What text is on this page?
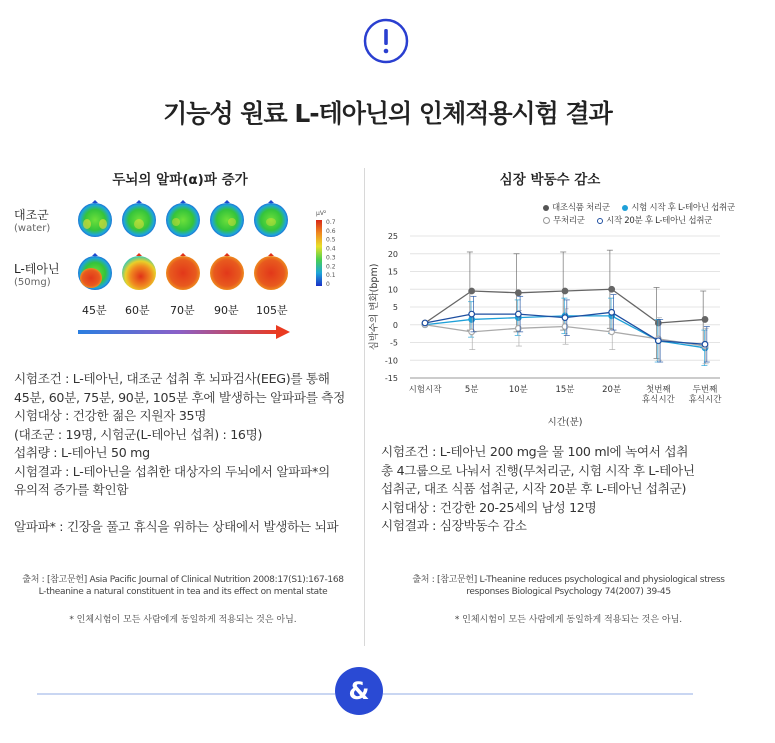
기능성 원료 L-테아닌의 인체적용시험 결과
두뇌의 알파(α)파 증가
대조군
(water)
L-테아닌
(50mg)
μV²
0.7
0.6
0.5
0.4
0.3
0.2
0.1
0
45분 60분 70분 90분 105분
시험조건 : L-테아닌, 대조군 섭취 후 뇌파검사(EEG)를 통해
45분, 60분, 75분, 90분, 105분 후에 발생하는 알파파를 측정
시험대상 : 건강한 젊은 지원자 35명
(대조군 : 19명, 시험군(L-테아닌 섭취) : 16명)
섭취량 : L-테아닌 50 mg
시험결과 : L-테아닌을 섭취한 대상자의 두뇌에서 알파파*의
유의적 증가를 확인함

알파파* : 긴장을 풀고 휴식을 위하는 상태에서 발생하는 뇌파
출처 : [참고문헌] Asia Pacific Journal of Clinical Nutrition 2008:17(S1):167-168
L-theanine a natural constituent in tea and its effect on mental state
* 인체시험이 모든 사람에게 동일하게 적용되는 것은 아님.
심장 박동수 감소
대조식품 처리군	시험 시작 후 L-테아닌 섭취군
무처리군	시작 20분 후 L-테아닌 섭취군
심박수의 변화(bpm)
25
20
15
10
5
0
-5
-10
-15
시험시작	5분	10분	15분	20분	첫번째
휴식시간
두번째
휴식시간
시간(분)
시험조건 : L-테아닌 200 mg을 물 100 ml에 녹여서 섭취
총 4그룹으로 나눠서 진행(무처리군, 시험 시작 후 L-테아닌
섭취군, 대조 식품 섭취군, 시작 20분 후 L-테아닌 섭취군)
시험대상 : 건강한 20-25세의 남성 12명
시험결과 : 심장박동수 감소
출처 : [참고문헌] L-Theanine reduces psychological and physiological stress
responses Biological Psychology 74(2007) 39-45
* 인체시험이 모든 사람에게 동일하게 적용되는 것은 아님.
&
